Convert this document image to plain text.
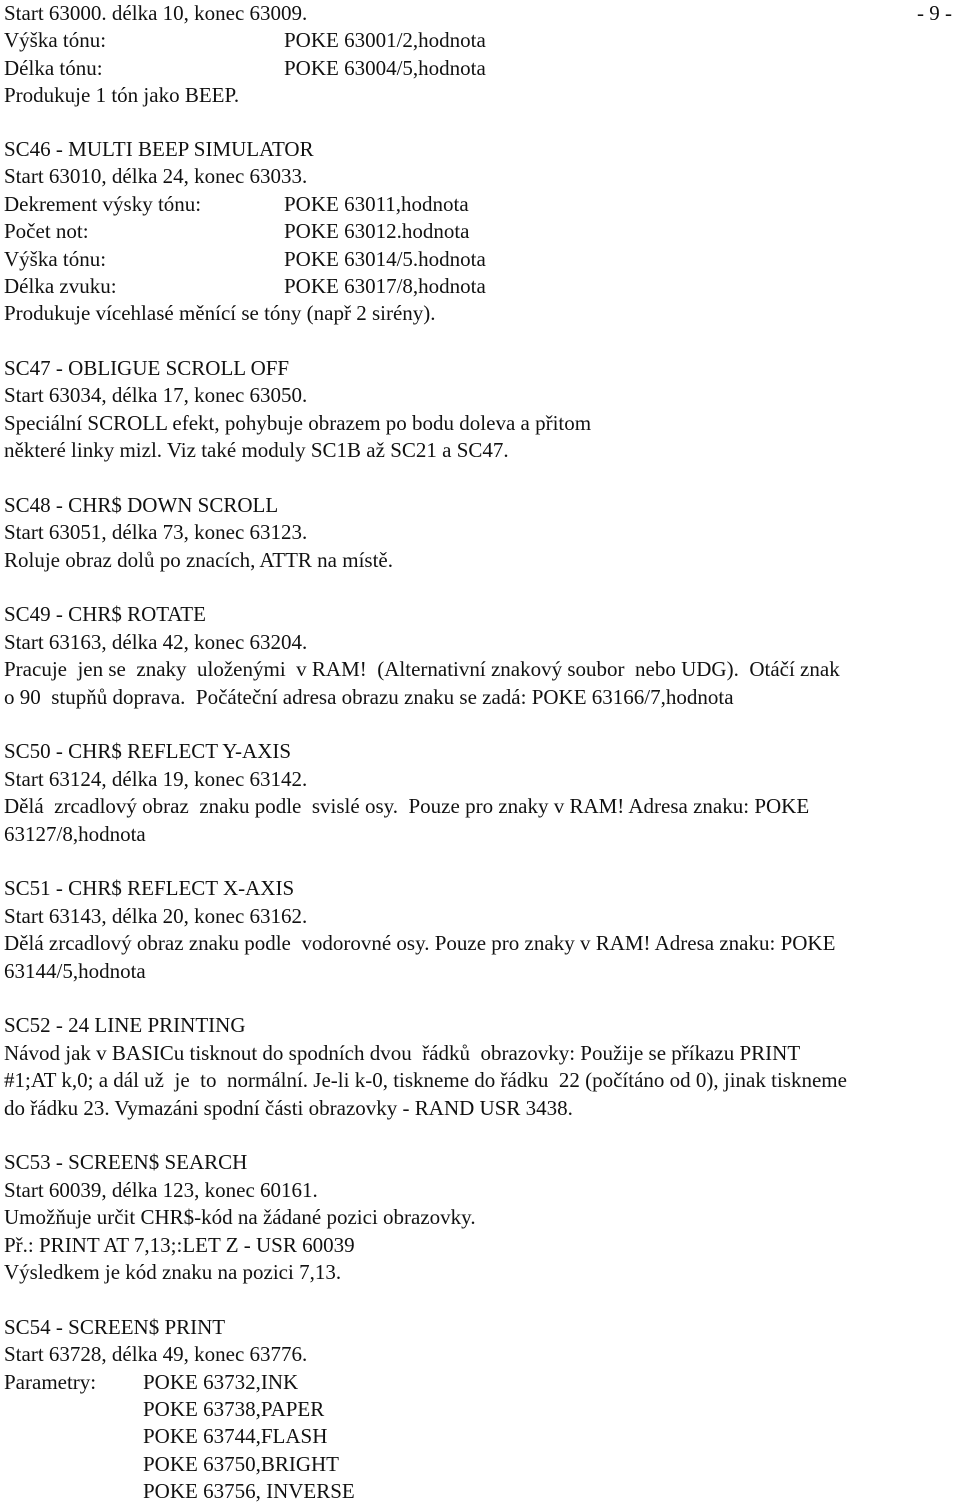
- 9 -
Start 63000. délka 10, konec 63009.
Výška tónu:	POKE 63001/2,hodnota
Délka tónu:	POKE 63004/5,hodnota
Produkuje 1 tón jako BEEP.
SC46 - MULTI BEEP SIMULATOR
Start 63010, délka 24, konec 63033.
Dekrement výsky tónu:	POKE 63011,hodnota
Počet not:	POKE 63012.hodnota
Výška tónu:	POKE 63014/5.hodnota
Délka zvuku:	POKE 63017/8,hodnota
Produkuje vícehlasé měnící se tóny (např 2 sirény).
SC47 - OBLIGUE SCROLL OFF
Start 63034, délka 17, konec 63050.
Speciální SCROLL efekt, pohybuje obrazem po bodu doleva a přitom
některé linky mizl. Viz také moduly SC1B až SC21 a SC47.
SC48 - CHR$ DOWN SCROLL
Start 63051, délka 73, konec 63123.
Roluje obraz dolů po znacích, ATTR na místě.
SC49 - CHR$ ROTATE
Start 63163, délka 42, konec 63204.
Pracuje  jen se  znaky  uloženými  v RAM!  (Alternativní znakový soubor  nebo UDG).  Otáčí znak
o 90  stupňů doprava.  Počáteční adresa obrazu znaku se zadá: POKE 63166/7,hodnota
SC50 - CHR$ REFLECT Y-AXIS
Start 63124, délka 19, konec 63142.
Dělá  zrcadlový obraz  znaku podle  svislé osy.  Pouze pro znaky v RAM! Adresa znaku: POKE
63127/8,hodnota
SC51 - CHR$ REFLECT X-AXIS
Start 63143, délka 20, konec 63162.
Dělá zrcadlový obraz znaku podle  vodorovné osy. Pouze pro znaky v RAM! Adresa znaku: POKE
63144/5,hodnota
SC52 - 24 LINE PRINTING
Návod jak v BASICu tisknout do spodních dvou  řádků  obrazovky: Použije se příkazu PRINT
#1;AT k,0; a dál už  je  to  normální. Je-li k-0, tiskneme do řádku  22 (počítáno od 0), jinak tiskneme
do řádku 23. Vymazáni spodní části obrazovky - RAND USR 3438.
SC53 - SCREEN$ SEARCH
Start 60039, délka 123, konec 60161.
Umožňuje určit CHR$-kód na žádané pozici obrazovky.
Př.: PRINT AT 7,13;:LET Z - USR 60039
Výsledkem je kód znaku na pozici 7,13.
SC54 - SCREEN$ PRINT
Start 63728, délka 49, konec 63776.
Parametry: POKE 63732,INK
POKE 63738,PAPER
POKE 63744,FLASH
POKE 63750,BRIGHT
POKE 63756, INVERSE
